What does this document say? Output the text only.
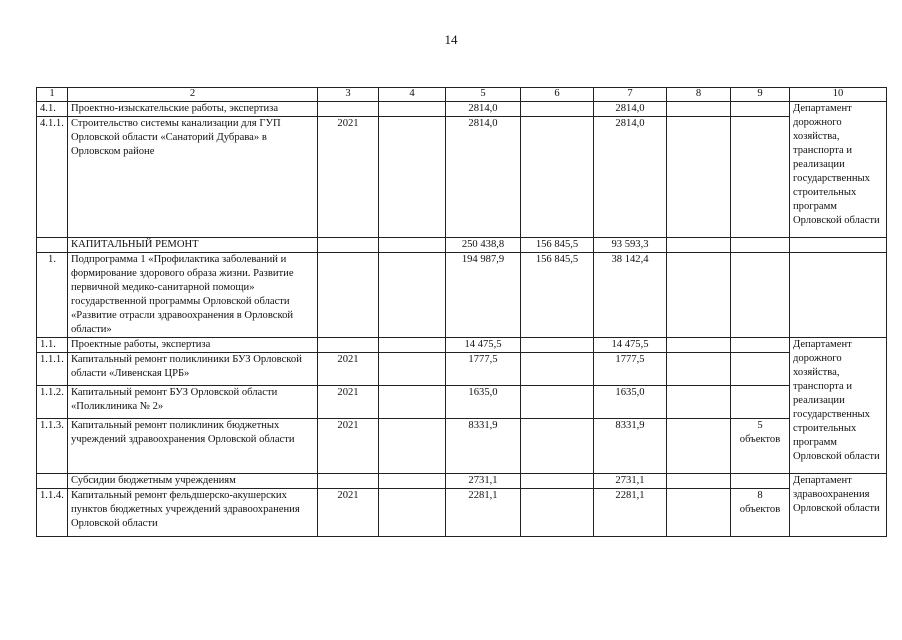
14
1	2	3	4	5	6	7	8	9	10
4.1.	Проектно-изыскательские работы, экспертиза			2814,0		2814,0			Департамент дорожного хозяйства, транспорта и реализации государственных строительных программ Орловской области
4.1.1.	Строительство системы канализации для ГУП Орловской области «Санаторий Дубрава» в Орловском районе	2021		2814,0		2814,0			
	КАПИТАЛЬНЫЙ РЕМОНТ			250 438,8	156 845,5	93 593,3			
1.	Подпрограмма 1 «Профилактика заболеваний и формирование здорового образа жизни. Развитие первичной медико-санитарной помощи» государственной программы Орловской области «Развитие отрасли здравоохранения в Орловской области»			194 987,9	156 845,5	38 142,4			
1.1.	Проектные работы, экспертиза			14 475,5		14 475,5			Департамент дорожного хозяйства, транспорта и реализации государственных строительных программ Орловской области
1.1.1.	Капитальный ремонт поликлиники БУЗ Орловской области «Ливенская ЦРБ»	2021		1777,5		1777,5			
1.1.2.	Капитальный ремонт БУЗ Орловской области «Поликлиника № 2»	2021		1635,0		1635,0			
1.1.3.	Капитальный ремонт поликлиник бюджетных учреждений здравоохранения Орловской области	2021		8331,9		8331,9		5
объектов	
	Субсидии бюджетным учреждениям			2731,1		2731,1			Департамент здравоохранения Орловской области
1.1.4.	Капитальный ремонт фельдшерско-акушерских пунктов бюджетных учреждений здравоохранения Орловской области	2021		2281,1		2281,1		8
объектов	
